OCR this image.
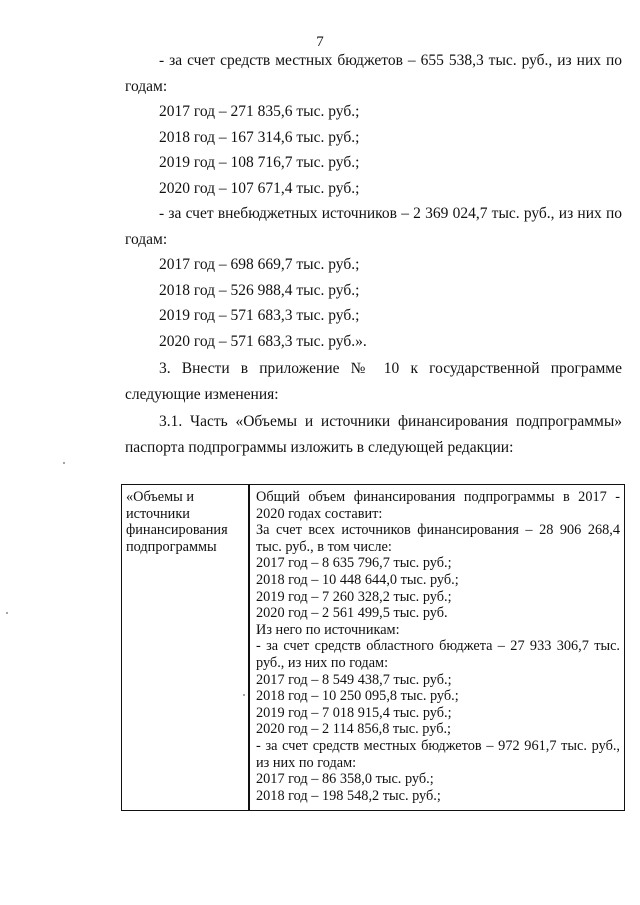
7

- за счет средств местных бюджетов – 655 538,3 тыс. руб., из них по годам:

2017 год – 271 835,6 тыс. руб.;

2018 год – 167 314,6 тыс. руб.;

2019 год – 108 716,7 тыс. руб.;

2020 год – 107 671,4 тыс. руб.;

- за счет внебюджетных источников – 2 369 024,7 тыс. руб., из них по годам:

2017 год – 698 669,7 тыс. руб.;

2018 год – 526 988,4 тыс. руб.;

2019 год – 571 683,3 тыс. руб.;

2020 год – 571 683,3 тыс. руб.».

3. Внести в приложение № 10 к государственной программе следующие изменения:

3.1. Часть «Объемы и источники финансирования подпрограммы» паспорта подпрограммы изложить в следующей редакции:

«Объемы и
источники
финансирования
подпрограммы

Общий объем финансирования подпрограммы в 2017 - 2020 годах составит:
За счет всех источников финансирования – 28 906 268,4 тыс. руб., в том числе:
2017 год – 8 635 796,7 тыс. руб.;
2018 год – 10 448 644,0 тыс. руб.;
2019 год – 7 260 328,2 тыс. руб.;
2020 год – 2 561 499,5 тыс. руб.
Из него по источникам:
- за счет средств областного бюджета – 27 933 306,7 тыс. руб., из них по годам:
2017 год – 8 549 438,7 тыс. руб.;
2018 год – 10 250 095,8 тыс. руб.;
2019 год – 7 018 915,4 тыс. руб.;
2020 год – 2 114 856,8 тыс. руб.;
- за счет средств местных бюджетов – 972 961,7 тыс. руб., из них по годам:
2017 год – 86 358,0 тыс. руб.;
2018 год – 198 548,2 тыс. руб.;
